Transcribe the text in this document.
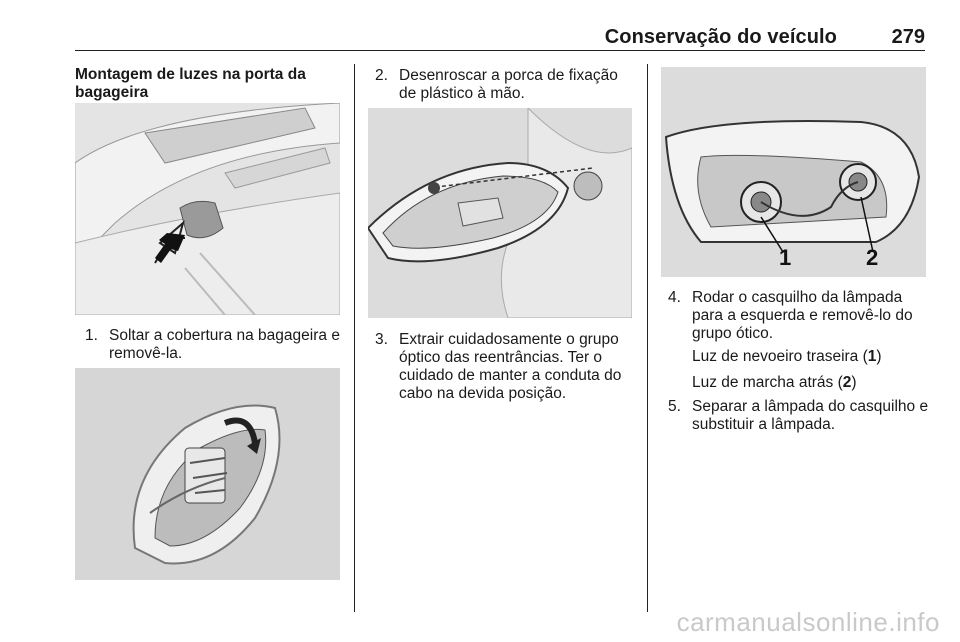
Conservação do veículo	279
Montagem de luzes na porta da bagageira
1. Soltar a cobertura na bagageira e removê-la.
2. Desenroscar a porca de fixação de plástico à mão.
3. Extrair cuidadosamente o grupo óptico das reentrâncias. Ter o cuidado de manter a conduta do cabo na devida posição.
1	2
4. Rodar o casquilho da lâmpada para a esquerda e removê-lo do grupo ótico.
Luz de nevoeiro traseira (1)
Luz de marcha atrás (2)
5. Separar a lâmpada do casquilho e substituir a lâmpada.
carmanualsonline.info
